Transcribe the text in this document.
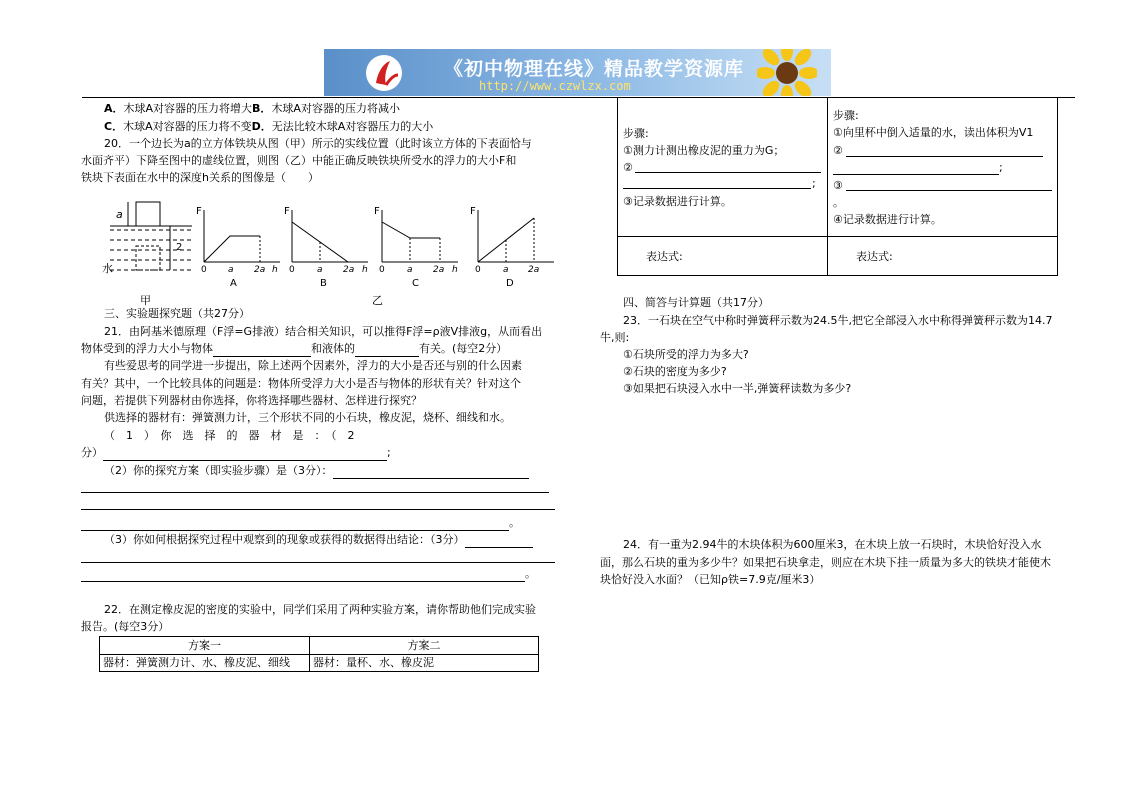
《初中物理在线》精品教学资源库
http://www.czwlzx.com
A．木球A对容器的压力将增大B．木球A对容器的压力将减小
C．木球A对容器的压力将不变D．无法比较木球A对容器压力的大小
20．一个边长为a的立方体铁块从图（甲）所示的实线位置（此时该立方体的下表面恰与
水面齐平）下降至图中的虚线位置，则图（乙）中能正确反映铁块所受水的浮力的大小F和
铁块下表面在水中的深度h关系的图像是（　　）
a
2
水
甲	乙
F
0 a 2a h
A
F
0 a 2a h
B
F
0 a 2a h
C
F
0 a 2a
D
三、实验题探究题（共27分）
21．由阿基米德原理（F浮=G排液）结合相关知识，可以推得F浮=ρ液V排液g，从而看出
物体受到的浮力大小与物体	和液体的	有关。(每空2分）
有些爱思考的同学进一步提出，除上述两个因素外，浮力的大小是否还与别的什么因素
有关？其中，一个比较具体的问题是：物体所受浮力大小是否与物体的形状有关？针对这个
问题，若提供下列器材由你选择，你将选择哪些器材、怎样进行探究？
供选择的器材有：弹簧测力计，三个形状不同的小石块，橡皮泥，烧杯、细线和水。
（　1　）　你　选　择　的　器　材　是　：　（　2
分）	;
（2）你的探究方案（即实验步骤）是（3分）：
。
（3）你如何根据探究过程中观察到的现象或获得的数据得出结论：（3分）
。
22．在测定橡皮泥的密度的实验中，同学们采用了两种实验方案，请你帮助他们完成实验
报告。(每空3分）
方案一	方案二
器材：弹簧测力计、水、橡皮泥、细线 器材：量杯、水、橡皮泥
步骤:
①测力计测出橡皮泥的重力为G；
②
;
③记录数据进行计算。
步骤:
①向里杯中倒入适量的水，读出体积为V1
②
;
③
。
④记录数据进行计算。
表达式:	表达式:
四、简答与计算题（共17分）
23．一石块在空气中称时弹簧秤示数为24.5牛,把它全部浸入水中称得弹簧秤示数为14.7
牛,则:
①石块所受的浮力为多大?
②石块的密度为多少?
③如果把石块浸入水中一半,弹簧秤读数为多少?
24．有一重为2.94牛的木块体积为600厘米3，在木块上放一石块时，木块恰好没入水
面，那么石块的重为多少牛？如果把石块拿走，则应在木块下挂一质量为多大的铁块才能使木
块恰好没入水面？（已知ρ铁=7.9克/厘米3）
